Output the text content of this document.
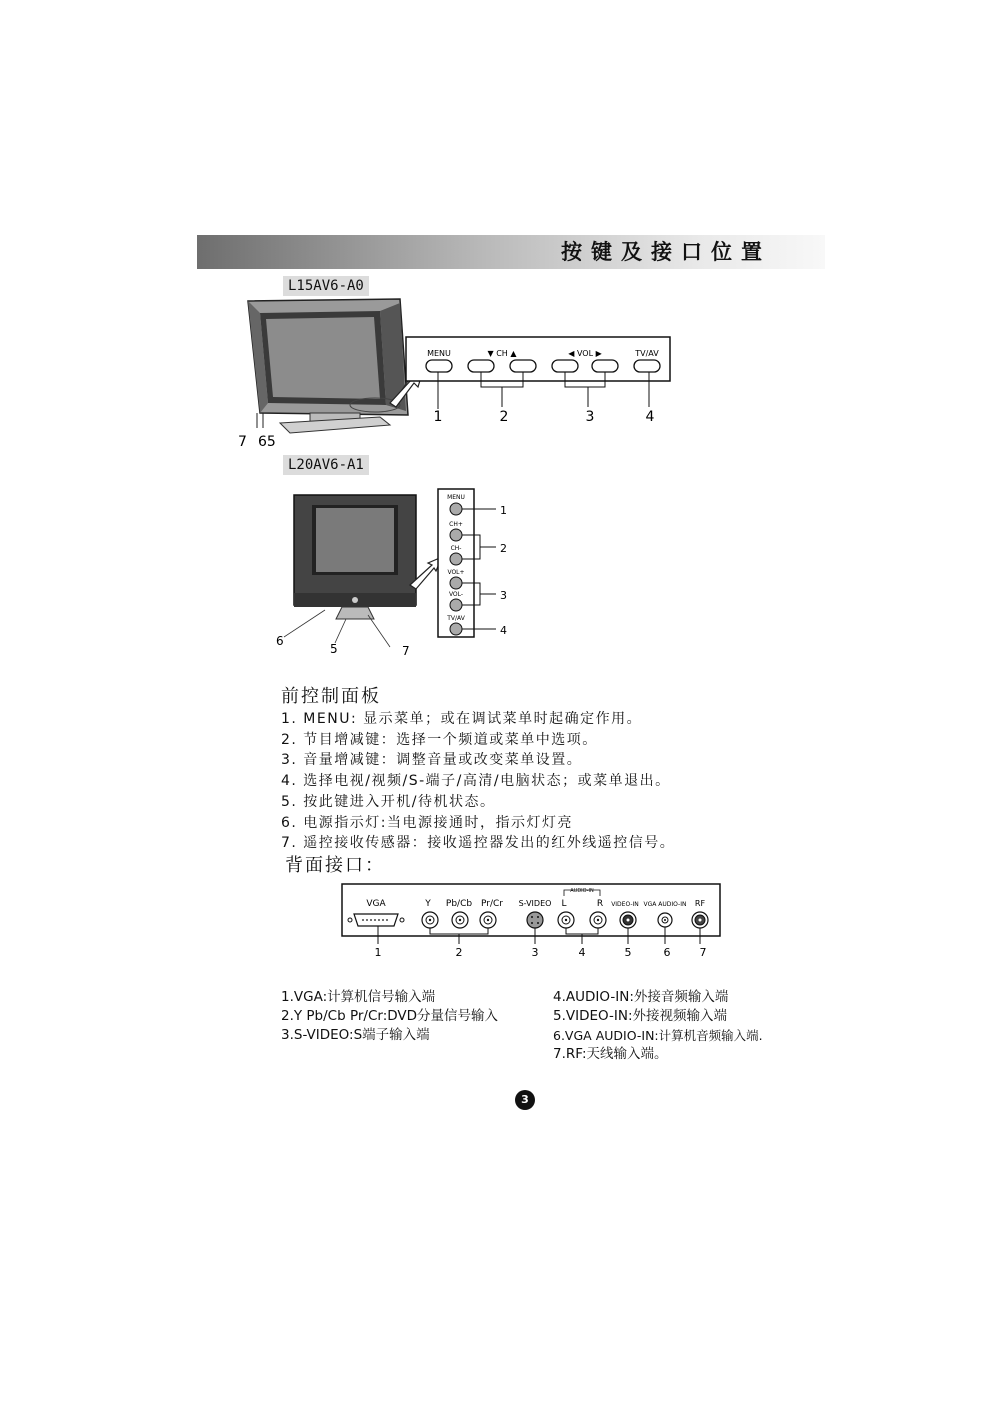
按键及接口位置
L15AV6-A0
L20AV6-A1
MENU	▼ CH ▲	◀ VOL ▶	TV/AV
1	2	3	4
7 65
MENU
CH+
CH-
VOL+
VOL-
TV/AV
1
2
3
4
6
5	7
前控制面板
1. MENU: 显示菜单；或在调试菜单时起确定作用。
2. 节目增减键：选择一个频道或菜单中选项。
3. 音量增减键：调整音量或改变菜单设置。
4. 选择电视/视频/S-端子/高清/电脑状态；或菜单退出。
5. 按此键进入开机/待机状态。
6. 电源指示灯:当电源接通时，指示灯灯亮
7. 遥控接收传感器：接收遥控器发出的红外线遥控信号。
背面接口：
VGA	Y Pb/Cb Pr/Cr S-VIDEO L	R VIDEO-IN VGA AUDIO-IN RF
AUDIO-IN
1	2	3	4	5	6	7
1.VGA:计算机信号输入端
2.Y Pb/Cb Pr/Cr:DVD分量信号输入
3.S-VIDEO:S端子输入端
4.AUDIO-IN:外接音频输入端
5.VIDEO-IN:外接视频输入端
6.VGA AUDIO-IN:计算机音频输入端.
7.RF:天线输入端。
3
